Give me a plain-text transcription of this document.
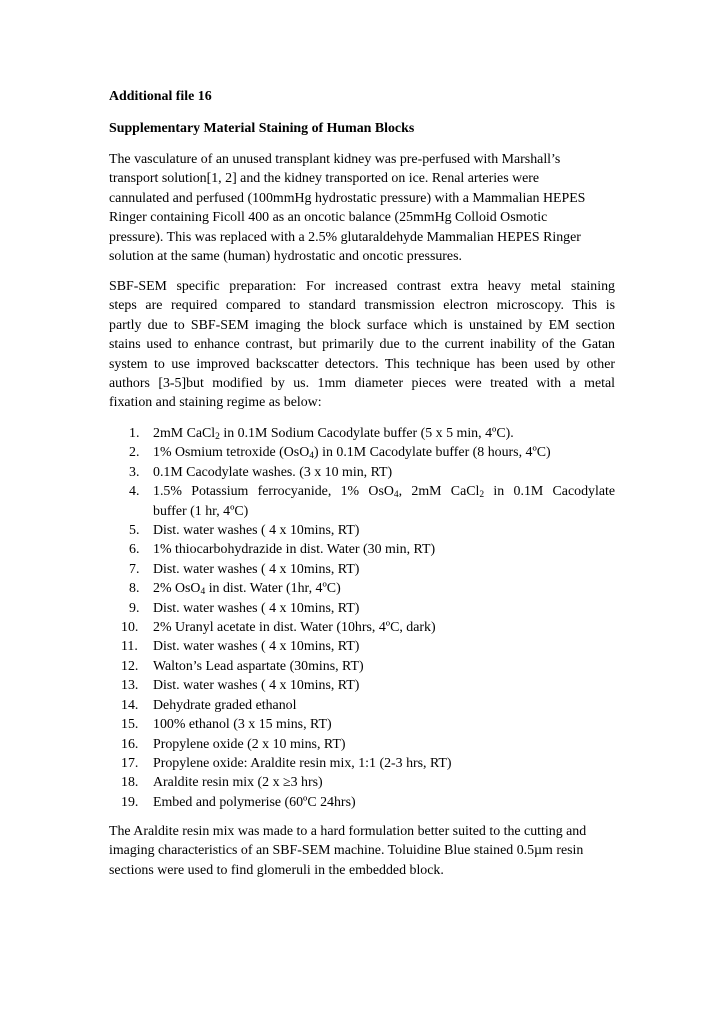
Additional file 16
Supplementary Material Staining of Human Blocks

The vasculature of an unused transplant kidney was pre-perfused with Marshall’s
transport solution[1, 2] and the kidney transported on ice. Renal arteries were
cannulated and perfused (100mmHg hydrostatic pressure) with a Mammalian HEPES
Ringer containing Ficoll 400 as an oncotic balance (25mmHg Colloid Osmotic
pressure). This was replaced with a 2.5% glutaraldehyde Mammalian HEPES Ringer
solution at the same (human) hydrostatic and oncotic pressures.

SBF-SEM specific preparation: For increased contrast extra heavy metal staining
steps are required compared to standard transmission electron microscopy. This is
partly due to SBF-SEM imaging the block surface which is unstained by EM section
stains used to enhance contrast, but primarily due to the current inability of the Gatan
system to use improved backscatter detectors. This technique has been used by other
authors [3-5]but modified by us. 1mm diameter pieces were treated with a metal
fixation and staining regime as below:

1. 2mM CaCl$_2$ in 0.1M Sodium Cacodylate buffer (5 x 5 min, 4ºC).
2. 1% Osmium tetroxide (OsO$_4$) in 0.1M Cacodylate buffer (8 hours, 4ºC)
3. 0.1M Cacodylate washes. (3 x 10 min, RT)
4. 1.5% Potassium ferrocyanide, 1% OsO$_4$, 2mM CaCl$_2$ in 0.1M Cacodylate
buffer (1 hr, 4ºC)
5. Dist. water washes ( 4 x 10mins, RT)
6. 1% thiocarbohydrazide in dist. Water (30 min, RT)
7. Dist. water washes ( 4 x 10mins, RT)
8. 2% OsO$_4$ in dist. Water (1hr, 4ºC)
9. Dist. water washes ( 4 x 10mins, RT)
10.	2% Uranyl acetate in dist. Water (10hrs, 4ºC, dark)
11.	Dist. water washes ( 4 x 10mins, RT)
12.	Walton’s Lead aspartate (30mins, RT)
13.	Dist. water washes ( 4 x 10mins, RT)
14.	Dehydrate graded ethanol
15.	100% ethanol (3 x 15 mins, RT)
16.	Propylene oxide (2 x 10 mins, RT)
17.	Propylene oxide: Araldite resin mix, 1:1 (2-3 hrs, RT)
18.	Araldite resin mix (2 x ≥3 hrs)
19.	Embed and polymerise (60ºC 24hrs)

The Araldite resin mix was made to a hard formulation better suited to the cutting and
imaging characteristics of an SBF-SEM machine. Toluidine Blue stained 0.5µm resin
sections were used to find glomeruli in the embedded block.
